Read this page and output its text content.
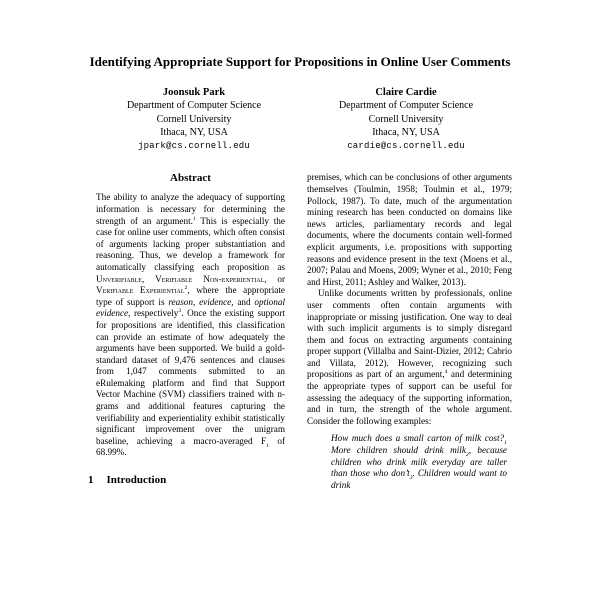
Identifying Appropriate Support for Propositions in Online User Comments
Joonsuk Park
Department of Computer Science
Cornell University
Ithaca, NY, USA
jpark@cs.cornell.edu
Claire Cardie
Department of Computer Science
Cornell University
Ithaca, NY, USA
cardie@cs.cornell.edu
Abstract

The ability to analyze the adequacy of supporting information is necessary for determining the strength of an argument.$^1$ This is especially the case for online user comments, which often consist of arguments lacking proper substantiation and reasoning. Thus, we develop a framework for automatically classifying each proposition as Unverifiable, Verifiable Non-experiential, or Verifiable Experiential$^2$, where the appropriate type of support is reason, evidence, and optional evidence, respectively$^3$. Once the existing support for propositions are identified, this classification can provide an estimate of how adequately the arguments have been supported. We build a gold-standard dataset of 9,476 sentences and clauses from 1,047 comments submitted to an eRulemaking platform and find that Support Vector Machine (SVM) classifiers trained with n-grams and additional features capturing the verifiability and experientiality exhibit statistically significant improvement over the unigram baseline, achieving a macro-averaged $F_1$ of 68.99%.

1 Introduction

premises, which can be conclusions of other arguments themselves (Toulmin, 1958; Toulmin et al., 1979; Pollock, 1987). To date, much of the argumentation mining research has been conducted on domains like news articles, parliamentary records and legal documents, where the documents contain well-formed explicit arguments, i.e. propositions with supporting reasons and evidence present in the text (Moens et al., 2007; Palau and Moens, 2009; Wyner et al., 2010; Feng and Hirst, 2011; Ashley and Walker, 2013).

Unlike documents written by professionals, online user comments often contain arguments with inappropriate or missing justification. One way to deal with such implicit arguments is to simply disregard them and focus on extracting arguments containing proper support (Villalba and Saint-Dizier, 2012; Cabrio and Villata, 2012). However, recognizing such propositions as part of an argument,$^4$ and determining the appropriate types of support can be useful for assessing the adequacy of the supporting information, and in turn, the strength of the whole argument. Consider the following examples:

How much does a small carton of milk $\cos t?_1$ More children should drink milk$_2$, because children who drink milk everyday are taller than those who $don’t_3$. Children would want to drink
